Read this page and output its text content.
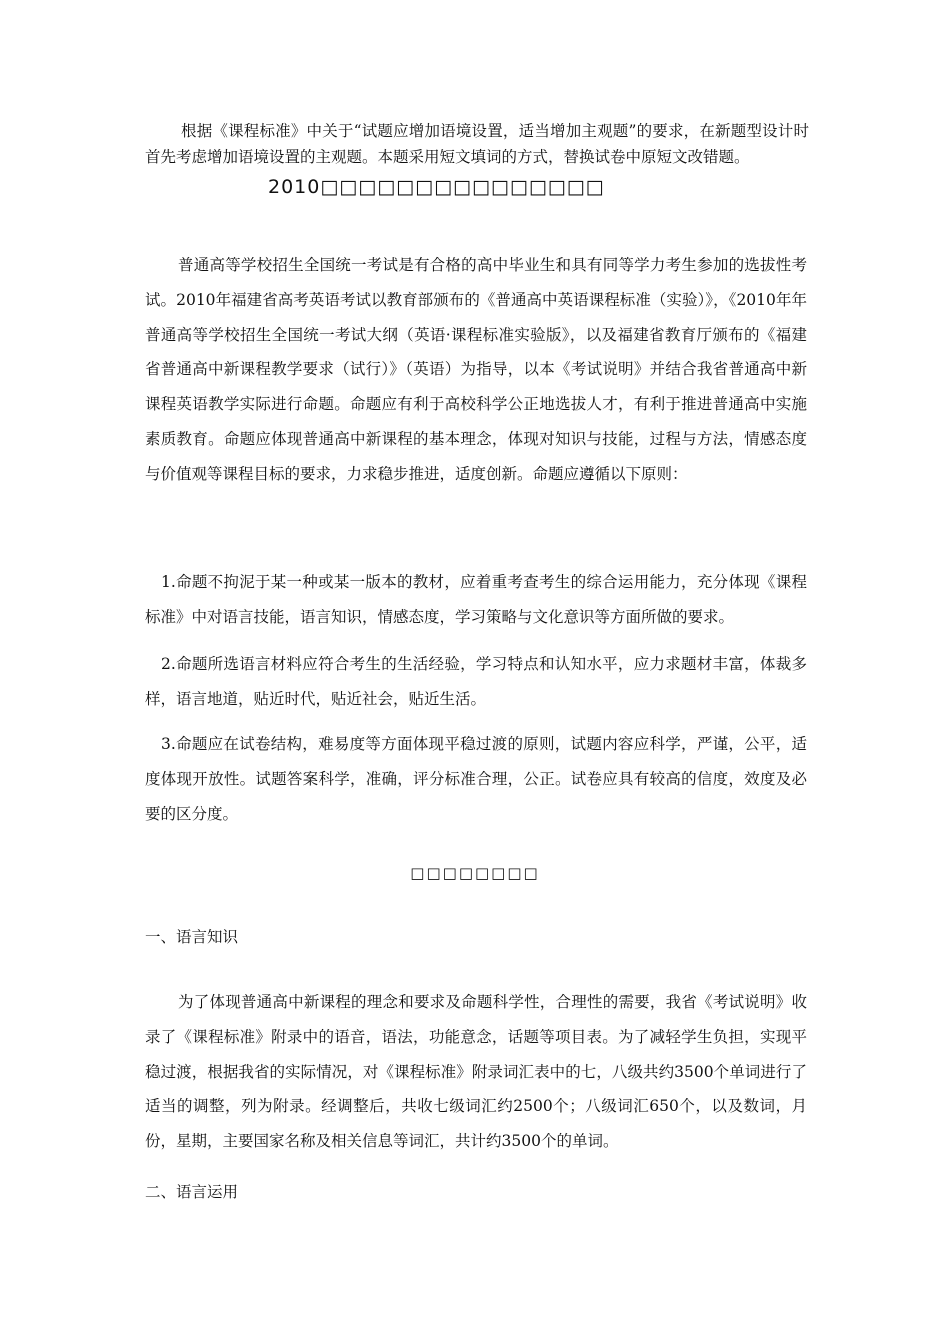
根据《课程标准》中关于“试题应增加语境设置，适当增加主观题”的要求，在新题型设计时首先考虑增加语境设置的主观题。本题采用短文填词的方式，替换试卷中原短文改错题。

2010□□□□□□□□□□□□□□□

普通高等学校招生全国统一考试是有合格的高中毕业生和具有同等学力考生参加的选拔性考试。2010年福建省高考英语考试以教育部颁布的《普通高中英语课程标准（实验）》，《2010年年普通高等学校招生全国统一考试大纲（英语·课程标准实验版》，以及福建省教育厅颁布的《福建省普通高中新课程教学要求（试行）》（英语）为指导，以本《考试说明》并结合我省普通高中新课程英语教学实际进行命题。命题应有利于高校科学公正地选拔人才，有利于推进普通高中实施素质教育。命题应体现普通高中新课程的基本理念，体现对知识与技能，过程与方法，情感态度与价值观等课程目标的要求，力求稳步推进，适度创新。命题应遵循以下原则：

1.命题不拘泥于某一种或某一版本的教材，应着重考查考生的综合运用能力，充分体现《课程标准》中对语言技能，语言知识，情感态度，学习策略与文化意识等方面所做的要求。

2.命题所选语言材料应符合考生的生活经验，学习特点和认知水平，应力求题材丰富，体裁多样，语言地道，贴近时代，贴近社会，贴近生活。

3.命题应在试卷结构，难易度等方面体现平稳过渡的原则，试题内容应科学，严谨，公平，适度体现开放性。试题答案科学，准确，评分标准合理，公正。试卷应具有较高的信度，效度及必要的区分度。

□□□□□□□□
一、语言知识

为了体现普通高中新课程的理念和要求及命题科学性，合理性的需要，我省《考试说明》收录了《课程标准》附录中的语音，语法，功能意念，话题等项目表。为了减轻学生负担，实现平稳过渡，根据我省的实际情况，对《课程标准》附录词汇表中的七，八级共约3500个单词进行了适当的调整，列为附录。经调整后，共收七级词汇约2500个；八级词汇650个，以及数词，月份，星期，主要国家名称及相关信息等词汇，共计约3500个的单词。

二、语言运用
